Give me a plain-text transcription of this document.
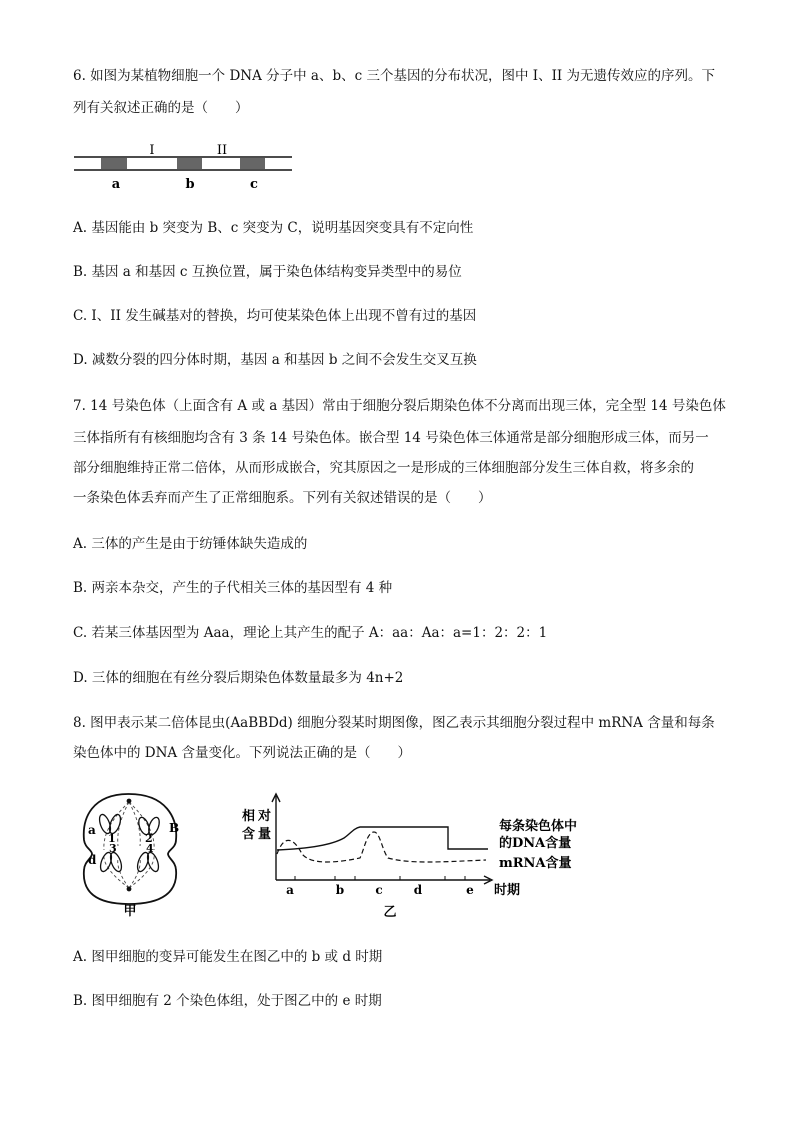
6. 如图为某植物细胞一个 DNA 分子中 a、b、c 三个基因的分布状况，图中 I、II 为无遗传效应的序列。下
列有关叙述正确的是（　　）
I	II
a	b	c
A. 基因能由 b 突变为 B、c 突变为 C，说明基因突变具有不定向性
B. 基因 a 和基因 c 互换位置，属于染色体结构变异类型中的易位
C. I、II 发生碱基对的替换，均可使某染色体上出现不曾有过的基因
D. 减数分裂的四分体时期，基因 a 和基因 b 之间不会发生交叉互换
7. 14 号染色体（上面含有 A 或 a 基因）常由于细胞分裂后期染色体不分离而出现三体，完全型 14 号染色体
三体指所有有核细胞均含有 3 条 14 号染色体。嵌合型 14 号染色体三体通常是部分细胞形成三体，而另一
部分细胞维持正常二倍体，从而形成嵌合，究其原因之一是形成的三体细胞部分发生三体自救，将多余的
一条染色体丢弃而产生了正常细胞系。下列有关叙述错误的是（　　）
A. 三体的产生是由于纺锤体缺失造成的
B. 两亲本杂交，产生的子代相关三体的基因型有 4 种
C. 若某三体基因型为 Aaa，理论上其产生的配子 A：aa：Aa：a=1：2：2：1
D. 三体的细胞在有丝分裂后期染色体数量最多为 4n+2
8. 图甲表示某二倍体昆虫(AaBBDd) 细胞分裂某时期图像，图乙表示其细胞分裂过程中 mRNA 含量和每条
染色体中的 DNA 含量变化。下列说法正确的是（　　）
a	B
d
1	2
3	4
甲
相 对
含 量
a	b	c	d	e 时期
每条染色体中
的DNA含量
mRNA含量
乙
A. 图甲细胞的变异可能发生在图乙中的 b 或 d 时期
B. 图甲细胞有 2 个染色体组，处于图乙中的 e 时期
